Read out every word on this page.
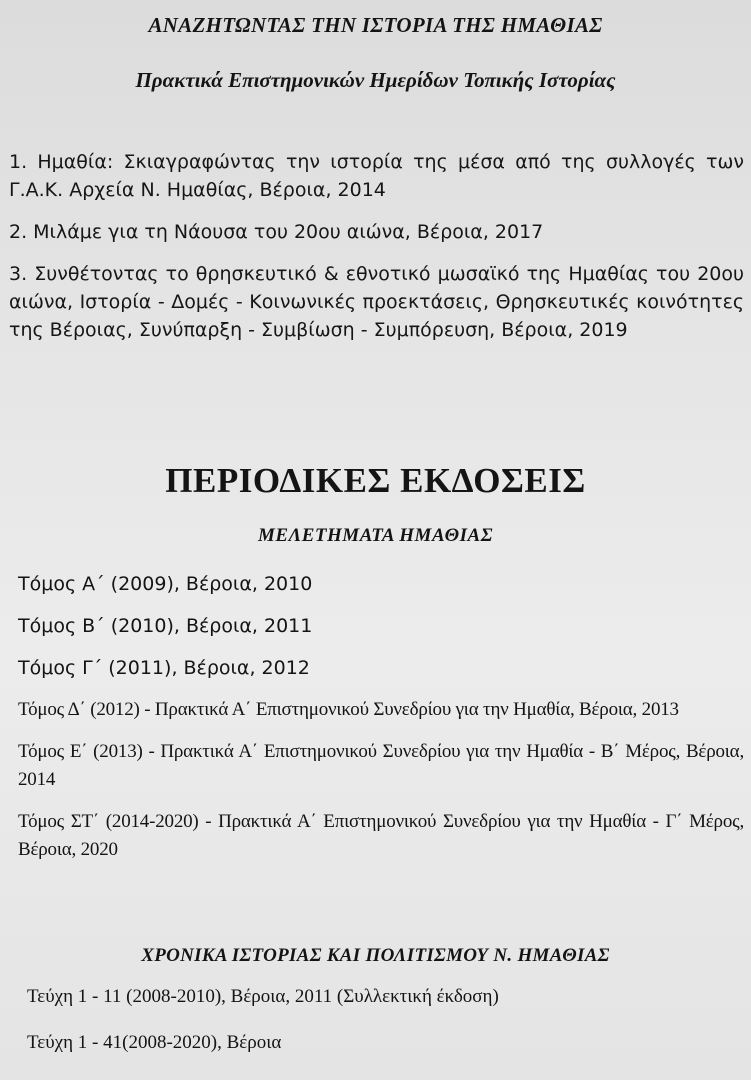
ΑΝΑΖΗΤΩΝΤΑΣ ΤΗΝ ΙΣΤΟΡΙΑ ΤΗΣ ΗΜΑΘΙΑΣ
Πρακτικά Επιστημονικών Ημερίδων Τοπικής Ιστορίας
1. Ημαθία: Σκιαγραφώντας την ιστορία της μέσα από της συλλογές των Γ.Α.Κ. Αρχεία Ν. Ημαθίας, Βέροια, 2014
2. Μιλάμε για τη Νάουσα του 20ου αιώνα, Βέροια, 2017
3. Συνθέτοντας το θρησκευτικό & εθνοτικό μωσαϊκό της Ημαθίας του 20ου αιώνα, Ιστορία - Δομές - Κοινωνικές προεκτάσεις, Θρησκευτικές κοινότητες της Βέροιας, Συνύπαρξη - Συμβίωση - Συμπόρευση, Βέροια, 2019
ΠΕΡΙΟΔΙΚΕΣ ΕΚΔΟΣΕΙΣ
ΜΕΛΕΤΗΜΑΤΑ ΗΜΑΘΙΑΣ
Τόμος Α΄ (2009), Βέροια, 2010
Τόμος Β΄ (2010), Βέροια, 2011
Τόμος Γ΄ (2011), Βέροια, 2012
Τόμος Δ΄ (2012) - Πρακτικά Α΄ Επιστημονικού Συνεδρίου για την Ημαθία, Βέροια, 2013
Τόμος Ε΄ (2013) - Πρακτικά Α΄ Επιστημονικού Συνεδρίου για την Ημαθία - Β΄ Μέρος, Βέροια, 2014
Τόμος ΣΤ΄ (2014-2020) - Πρακτικά Α΄ Επιστημονικού Συνεδρίου για την Ημαθία - Γ΄ Μέρος, Βέροια, 2020
ΧΡΟΝΙΚΑ ΙΣΤΟΡΙΑΣ ΚΑΙ ΠΟΛΙΤΙΣΜΟΥ Ν. ΗΜΑΘΙΑΣ
Τεύχη 1 - 11 (2008-2010), Βέροια, 2011 (Συλλεκτική έκδοση)
Τεύχη 1 - 41(2008-2020), Βέροια
